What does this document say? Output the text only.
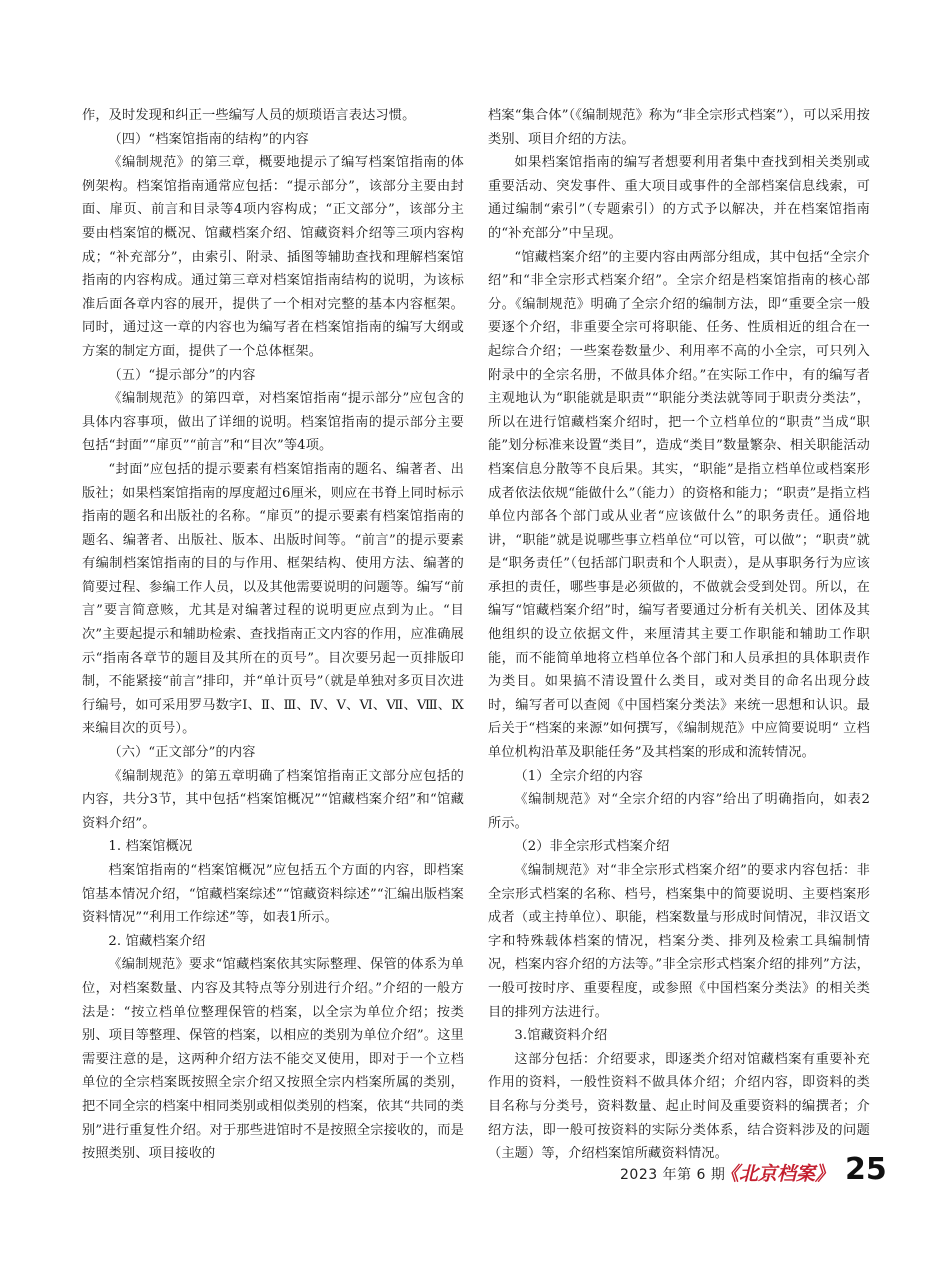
作，及时发现和纠正一些编写人员的烦琐语言表达习惯。

（四）“档案馆指南的结构”的内容

《编制规范》的第三章，概要地提示了编写档案馆指南的体例架构。档案馆指南通常应包括：“提示部分”，该部分主要由封面、扉页、前言和目录等4项内容构成；“正文部分”，该部分主要由档案馆的概况、馆藏档案介绍、馆藏资料介绍等三项内容构成；“补充部分”，由索引、附录、插图等辅助查找和理解档案馆指南的内容构成。通过第三章对档案馆指南结构的说明，为该标准后面各章内容的展开，提供了一个相对完整的基本内容框架。同时，通过这一章的内容也为编写者在档案馆指南的编写大纲或方案的制定方面，提供了一个总体框架。

（五）“提示部分”的内容

《编制规范》的第四章，对档案馆指南“提示部分”应包含的具体内容事项，做出了详细的说明。档案馆指南的提示部分主要包括“封面”“扉页”“前言”和“目次”等4项。

“封面”应包括的提示要素有档案馆指南的题名、编著者、出版社；如果档案馆指南的厚度超过6厘米，则应在书脊上同时标示指南的题名和出版社的名称。“扉页”的提示要素有档案馆指南的题名、编著者、出版社、版本、出版时间等。“前言”的提示要素有编制档案馆指南的目的与作用、框架结构、使用方法、编著的简要过程、参编工作人员，以及其他需要说明的问题等。编写“前言”要言简意赅，尤其是对编著过程的说明更应点到为止。“目次”主要起提示和辅助检索、查找指南正文内容的作用，应准确展示“指南各章节的题目及其所在的页号”。目次要另起一页排版印制，不能紧接“前言”排印，并“单计页号”（就是单独对多页目次进行编号，如可采用罗马数字Ⅰ、Ⅱ、Ⅲ、Ⅳ、Ⅴ、Ⅵ、Ⅶ、Ⅷ、Ⅸ来编目次的页号）。

（六）“正文部分”的内容

《编制规范》的第五章明确了档案馆指南正文部分应包括的内容，共分3节，其中包括“档案馆概况”“馆藏档案介绍”和“馆藏资料介绍”。

1. 档案馆概况

档案馆指南的“档案馆概况”应包括五个方面的内容，即档案馆基本情况介绍，“馆藏档案综述”“馆藏资料综述”“汇编出版档案资料情况”“利用工作综述”等，如表1所示。

2. 馆藏档案介绍

《编制规范》要求“馆藏档案依其实际整理、保管的体系为单位，对档案数量、内容及其特点等分别进行介绍。”介绍的一般方法是：“按立档单位整理保管的档案，以全宗为单位介绍；按类别、项目等整理、保管的档案，以相应的类别为单位介绍”。这里需要注意的是，这两种介绍方法不能交叉使用，即对于一个立档单位的全宗档案既按照全宗介绍又按照全宗内档案所属的类别，把不同全宗的档案中相同类别或相似类别的档案，依其“共同的类别”进行重复性介绍。对于那些进馆时不是按照全宗接收的，而是按照类别、项目接收的

档案“集合体”（《编制规范》称为“非全宗形式档案”），可以采用按类别、项目介绍的方法。

如果档案馆指南的编写者想要利用者集中查找到相关类别或重要活动、突发事件、重大项目或事件的全部档案信息线索，可通过编制“索引”（专题索引）的方式予以解决，并在档案馆指南的“补充部分”中呈现。

“馆藏档案介绍”的主要内容由两部分组成，其中包括“全宗介绍”和“非全宗形式档案介绍”。全宗介绍是档案馆指南的核心部分。《编制规范》明确了全宗介绍的编制方法，即“重要全宗一般要逐个介绍，非重要全宗可将职能、任务、性质相近的组合在一起综合介绍；一些案卷数量少、利用率不高的小全宗，可只列入附录中的全宗名册，不做具体介绍。”在实际工作中，有的编写者主观地认为“职能就是职责”“职能分类法就等同于职责分类法”，所以在进行馆藏档案介绍时，把一个立档单位的“职责”当成“职能”划分标准来设置“类目”，造成“类目”数量繁杂、相关职能活动档案信息分散等不良后果。其实，“职能”是指立档单位或档案形成者依法依规“能做什么”（能力）的资格和能力；“职责”是指立档单位内部各个部门或从业者“应该做什么”的职务责任。通俗地讲，“职能”就是说哪些事立档单位“可以管，可以做”；“职责”就是“职务责任”（包括部门职责和个人职责），是从事职务行为应该承担的责任，哪些事是必须做的，不做就会受到处罚。所以，在编写“馆藏档案介绍”时，编写者要通过分析有关机关、团体及其他组织的设立依据文件，来厘清其主要工作职能和辅助工作职能，而不能简单地将立档单位各个部门和人员承担的具体职责作为类目。如果搞不清设置什么类目，或对类目的命名出现分歧时，编写者可以查阅《中国档案分类法》来统一思想和认识。最后关于“档案的来源”如何撰写，《编制规范》中应简要说明“ 立档单位机构沿革及职能任务”及其档案的形成和流转情况。

（1）全宗介绍的内容

《编制规范》对“全宗介绍的内容”给出了明确指向，如表2所示。

（2）非全宗形式档案介绍

《编制规范》对“非全宗形式档案介绍”的要求内容包括：非全宗形式档案的名称、档号，档案集中的简要说明、主要档案形成者（或主持单位）、职能，档案数量与形成时间情况，非汉语文字和特殊载体档案的情况，档案分类、排列及检索工具编制情况，档案内容介绍的方法等。”非全宗形式档案介绍的排列”方法，一般可按时序、重要程度，或参照《中国档案分类法》的相关类目的排列方法进行。

3.馆藏资料介绍

这部分包括：介绍要求，即逐类介绍对馆藏档案有重要补充作用的资料，一般性资料不做具体介绍；介绍内容，即资料的类目名称与分类号，资料数量、起止时间及重要资料的编撰者；介绍方法，即一般可按资料的实际分类体系，结合资料涉及的问题（主题）等，介绍档案馆所藏资料情况。

2023 年第 6 期
《北京档案》 25
